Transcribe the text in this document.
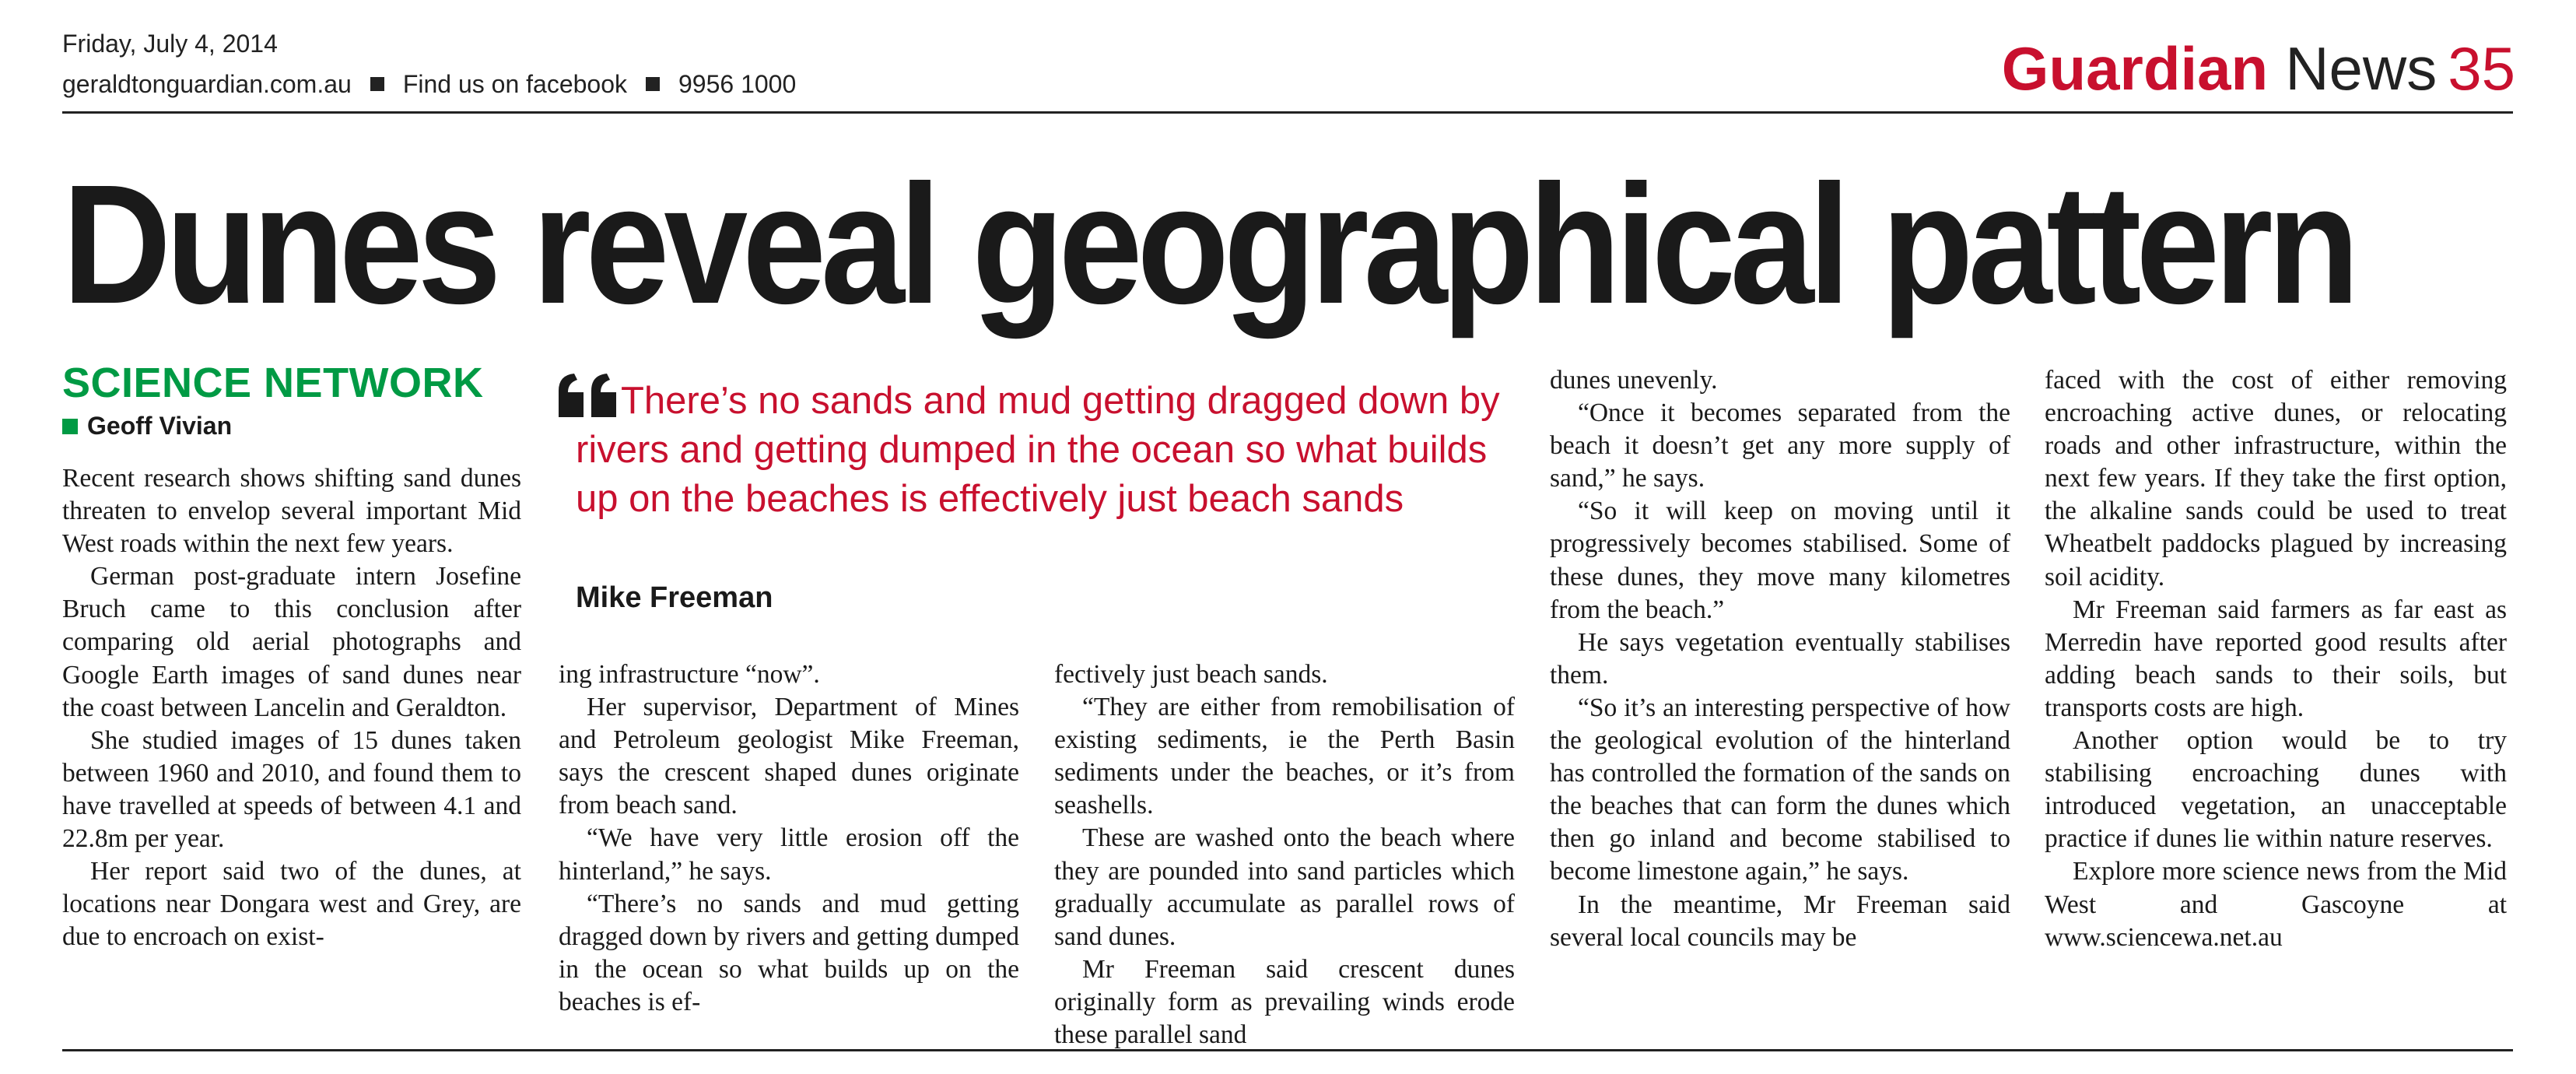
Friday, July 4, 2014
geraldtonguardian.com.au Find us on facebook 9956 1000	Guardian News 35
Dunes reveal geographical pattern
SCIENCE NETWORK
Geoff Vivian
There’s no sands and mud getting dragged down by rivers and getting dumped in the ocean so what builds up on the beaches is effectively just beach sands
Mike Freeman

Recent research shows shifting sand dunes threaten to envelop several important Mid West roads within the next few years.

German post-graduate intern Josefine Bruch came to this conclusion after comparing old aerial photographs and Google Earth images of sand dunes near the coast between Lancelin and Geraldton.

She studied images of 15 dunes taken between 1960 and 2010, and found them to have travelled at speeds of between 4.1 and 22.8m per year.

Her report said two of the dunes, at locations near Dongara west and Grey, are due to encroach on exist-

ing infrastructure “now”.

Her supervisor, Department of Mines and Petroleum geologist Mike Freeman, says the crescent shaped dunes originate from beach sand.

“We have very little erosion off the hinterland,” he says.

“There’s no sands and mud getting dragged down by rivers and getting dumped in the ocean so what builds up on the beaches is ef-

fectively just beach sands.

“They are either from remobilisation of existing sediments, ie the Perth Basin sediments under the beaches, or it’s from seashells.

These are washed onto the beach where they are pounded into sand particles which gradually accumulate as parallel rows of sand dunes.

Mr Freeman said crescent dunes originally form as prevailing winds erode these parallel sand

dunes unevenly.

“Once it becomes separated from the beach it doesn’t get any more supply of sand,” he says.

“So it will keep on moving until it progressively becomes stabilised. Some of these dunes, they move many kilometres from the beach.”

He says vegetation eventually stabilises them.

“So it’s an interesting perspective of how the geological evolution of the hinterland has controlled the formation of the sands on the beaches that can form the dunes which then go inland and become stabilised to become limestone again,” he says.

In the meantime, Mr Freeman said several local councils may be

faced with the cost of either removing encroaching active dunes, or relocating roads and other infrastructure, within the next few years. If they take the first option, the alkaline sands could be used to treat Wheatbelt paddocks plagued by increasing soil acidity.

Mr Freeman said farmers as far east as Merredin have reported good results after adding beach sands to their soils, but transports costs are high.

Another option would be to try stabilising encroaching dunes with introduced vegetation, an unacceptable practice if dunes lie within nature reserves.

Explore more science news from the Mid West and Gascoyne at www.sciencewa.net.au
